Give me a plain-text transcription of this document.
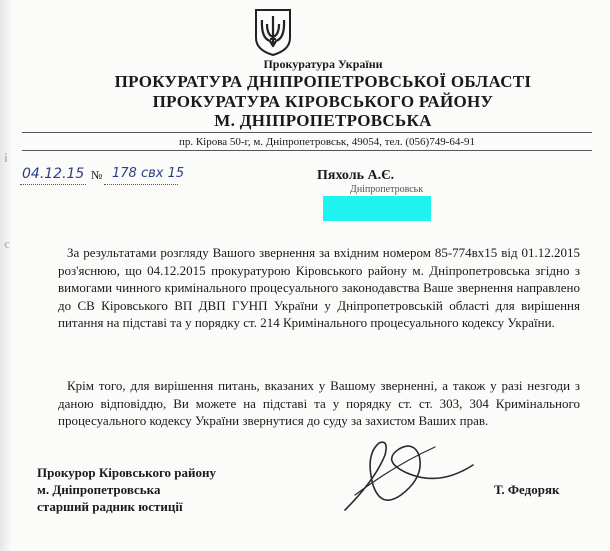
Прокуратура України
ПРОКУРАТУРА ДНІПРОПЕТРОВСЬКОЇ ОБЛАСТІ
ПРОКУРАТУРА КІРОВСЬКОГО РАЙОНУ
М. ДНІПРОПЕТРОВСЬКА
пр. Кірова 50-г, м. Дніпропетровськ, 49054, тел. (056)749-64-91
і
с
04.12.15 № 178 свх 15	Пяхоль А.Є.
Дніпропетровськ

За результатами розгляду Вашого звернення за вхідним номером 85-774вх15 від 01.12.2015 роз'яснюю, що 04.12.2015 прокуратурою Кіровського району м. Дніпропетровська згідно з вимогами чинного кримінального процесуального законодавства Ваше звернення направлено до СВ Кіровського ВП ДВП ГУНП України у Дніпропетровській області для вирішення питання на підставі та у порядку ст. 214 Кримінального процесуального кодексу України.

Крім того, для вирішення питань, вказаних у Вашому зверненні, а також у разі незгоди з даною відповіддю, Ви можете на підставі та у порядку ст. ст. 303, 304 Кримінального процесуального кодексу України звернутися до суду за захистом Ваших прав.

Прокурор Кіровського району
м. Дніпропетровська
старший радник юстиції
Т. Федоряк
